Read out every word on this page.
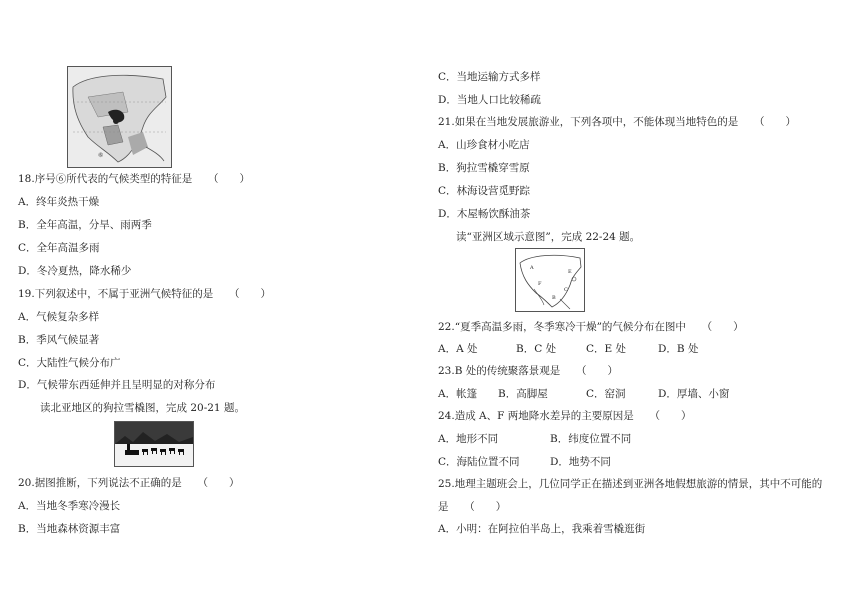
⑥
18.序号⑥所代表的气候类型的特征是　　（　　）
A．终年炎热干燥
B．全年高温，分旱、雨两季
C．全年高温多雨
D．冬冷夏热，降水稀少
19.下列叙述中，不属于亚洲气候特征的是　　（　　）
A．气候复杂多样
B．季风气候显著
C．大陆性气候分布广
D．气候带东西延伸并且呈明显的对称分布
读北亚地区的狗拉雪橇图，完成 20-21 题。
20.据图推断，下列说法不正确的是　　（　　）
A．当地冬季寒冷漫长
B．当地森林资源丰富
C．当地运输方式多样
D．当地人口比较稀疏
21.如果在当地发展旅游业，下列各项中，不能体现当地特色的是　　（　　）
A．山珍食材小吃店
B．狗拉雪橇穿雪原
C．林海设营觅野踪
D．木屋畅饮酥油茶
读“亚洲区域示意图”，完成 22-24 题。
A
C
F
B
E
22.“夏季高温多雨，冬季寒冷干燥”的气候分布在图中　　（　　）
A．A 处	B．C 处	C．E 处	D．B 处
23.B 处的传统聚落景观是　　（　　）
A．帐篷 B．高脚屋	C．窑洞	D．厚墙、小窗
24.造成 A、F 两地降水差异的主要原因是　　（　　）
A．地形不同	B．纬度位置不同
C．海陆位置不同	D．地势不同
25.地理主题班会上，几位同学正在描述到亚洲各地假想旅游的情景，其中不可能的
是　　（　　）
A．小明：在阿拉伯半岛上，我乘着雪橇逛街
